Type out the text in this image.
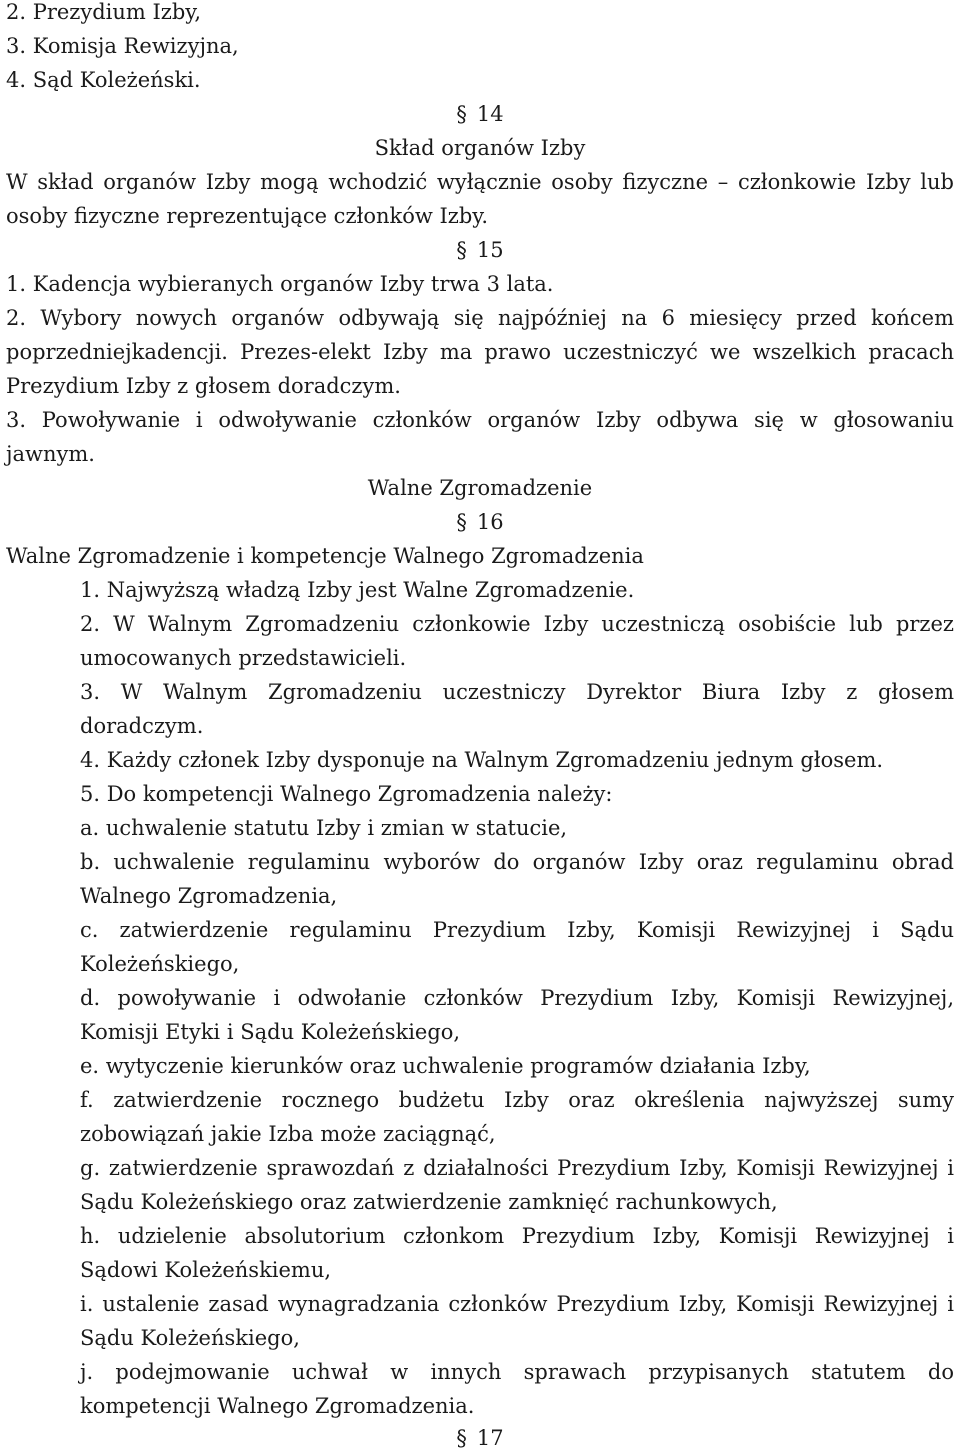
2. Prezydium Izby,

3. Komisja Rewizyjna,

4. Sąd Koleżeński.

§ 14

Skład organów Izby

W skład organów Izby mogą wchodzić wyłącznie osoby fizyczne – członkowie Izby lub

osoby fizyczne reprezentujące członków Izby.

§ 15

1. Kadencja wybieranych organów Izby trwa 3 lata.

2. Wybory nowych organów odbywają się najpóźniej na 6 miesięcy przed końcem

poprzedniejkadencji. Prezes-elekt Izby ma prawo uczestniczyć we wszelkich pracach

Prezydium Izby z głosem doradczym.

3. Powoływanie i odwoływanie członków organów Izby odbywa się w głosowaniu

jawnym.

Walne Zgromadzenie

§ 16

Walne Zgromadzenie i kompetencje Walnego Zgromadzenia

1. Najwyższą władzą Izby jest Walne Zgromadzenie.

2. W Walnym Zgromadzeniu członkowie Izby uczestniczą osobiście lub przez

umocowanych przedstawicieli.

3. W Walnym Zgromadzeniu uczestniczy Dyrektor Biura Izby z głosem

doradczym.

4. Każdy członek Izby dysponuje na Walnym Zgromadzeniu jednym głosem.

5. Do kompetencji Walnego Zgromadzenia należy:

a. uchwalenie statutu Izby i zmian w statucie,

b. uchwalenie regulaminu wyborów do organów Izby oraz regulaminu obrad

Walnego Zgromadzenia,

c. zatwierdzenie regulaminu Prezydium Izby, Komisji Rewizyjnej i Sądu

Koleżeńskiego,

d. powoływanie i odwołanie członków Prezydium Izby, Komisji Rewizyjnej,

Komisji Etyki i Sądu Koleżeńskiego,

e. wytyczenie kierunków oraz uchwalenie programów działania Izby,

f. zatwierdzenie rocznego budżetu Izby oraz określenia najwyższej sumy

zobowiązań jakie Izba może zaciągnąć,

g. zatwierdzenie sprawozdań z działalności Prezydium Izby, Komisji Rewizyjnej i

Sądu Koleżeńskiego oraz zatwierdzenie zamknięć rachunkowych,

h. udzielenie absolutorium członkom Prezydium Izby, Komisji Rewizyjnej i

Sądowi Koleżeńskiemu,

i. ustalenie zasad wynagradzania członków Prezydium Izby, Komisji Rewizyjnej i

Sądu Koleżeńskiego,

j. podejmowanie uchwał w innych sprawach przypisanych statutem do

kompetencji Walnego Zgromadzenia.

§ 17
